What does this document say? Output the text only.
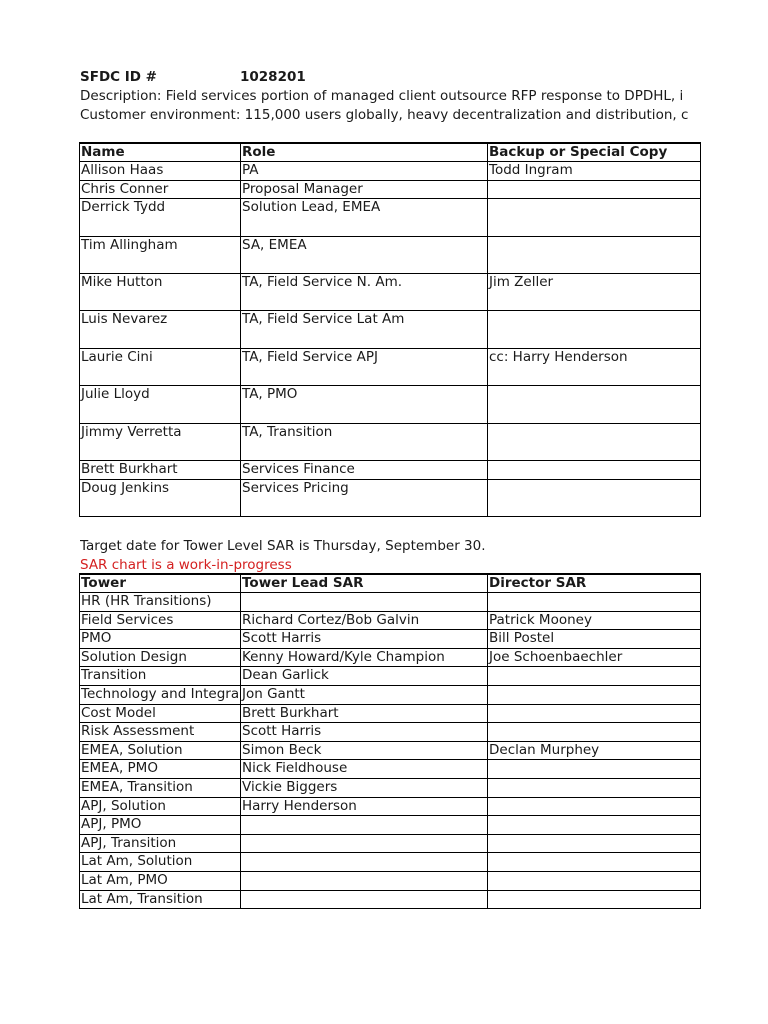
SFDC ID #	1028201
Description: Field services portion of managed client outsource RFP response to DPDHL, i
Customer environment: 115,000 users globally, heavy decentralization and distribution, c
Name	Role	Backup or Special Copy
Allison Haas	PA	Todd Ingram
Chris Conner	Proposal Manager	
Derrick Tydd	Solution Lead, EMEA	
Tim Allingham	SA, EMEA	
Mike Hutton	TA, Field Service N. Am.	Jim Zeller
Luis Nevarez	TA, Field Service Lat Am	
Laurie Cini	TA, Field Service APJ	cc: Harry Henderson
Julie Lloyd	TA, PMO	
Jimmy Verretta	TA, Transition	
Brett Burkhart	Services Finance	
Doug Jenkins	Services Pricing	
Target date for Tower Level SAR is Thursday, September 30.
SAR chart is a work-in-progress
Tower	Tower Lead SAR	Director SAR
HR (HR Transitions)		
Field Services	Richard Cortez/Bob Galvin	Patrick Mooney
PMO	Scott Harris	Bill Postel
Solution Design	Kenny Howard/Kyle Champion	Joe Schoenbaechler
Transition	Dean Garlick	
Technology and Integra	Jon Gantt	
Cost Model	Brett Burkhart	
Risk Assessment	Scott Harris	
EMEA, Solution	Simon Beck	Declan Murphey
EMEA, PMO	Nick Fieldhouse	
EMEA, Transition	Vickie Biggers	
APJ, Solution	Harry Henderson	
APJ, PMO		
APJ, Transition		
Lat Am, Solution		
Lat Am, PMO		
Lat Am, Transition		
